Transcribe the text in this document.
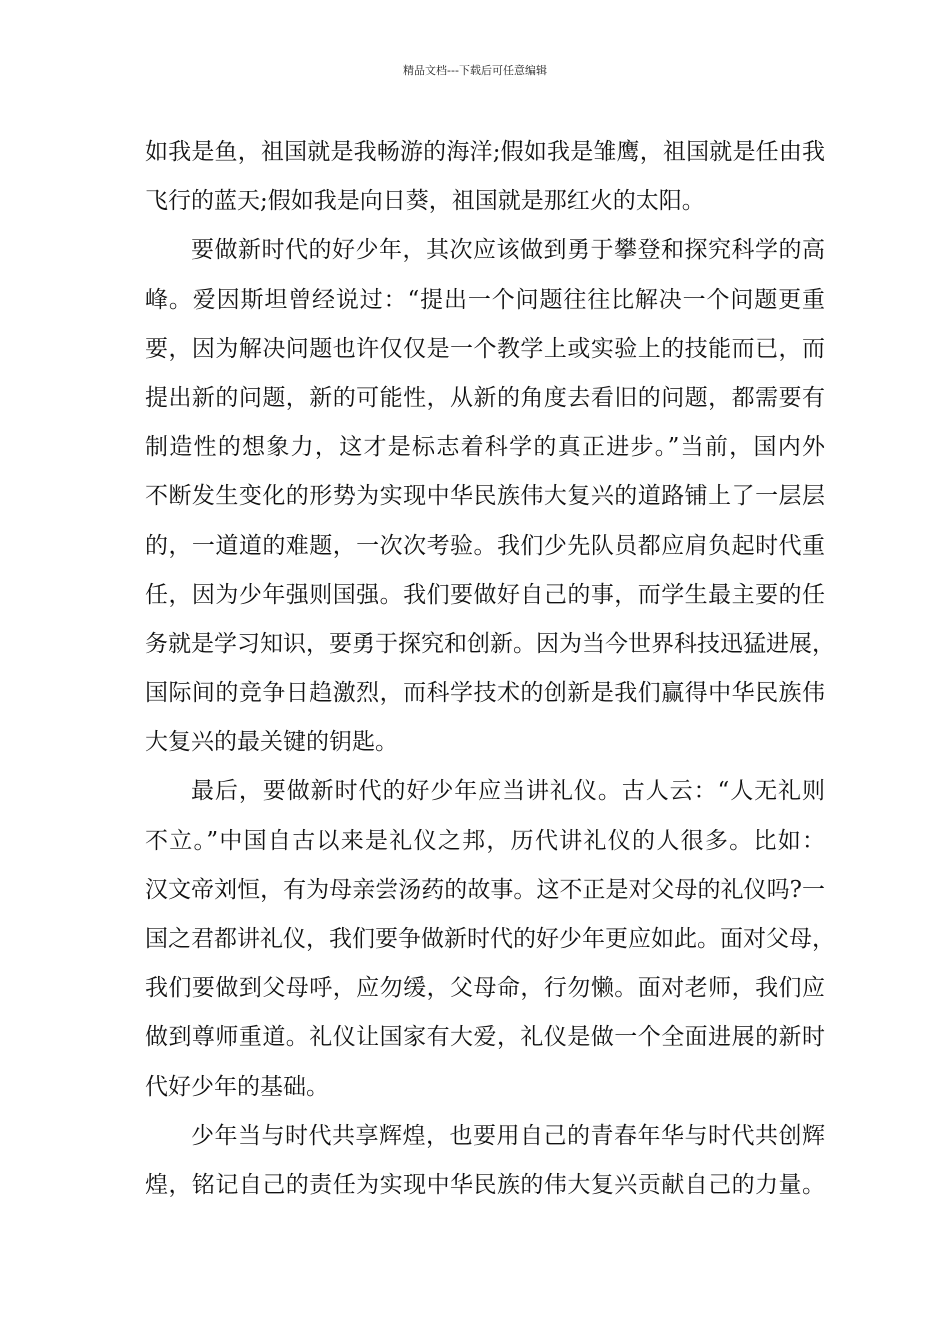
精品文档---下载后可任意编辑
如我是鱼，祖国就是我畅游的海洋;假如我是雏鹰，祖国就是任由我
飞行的蓝天;假如我是向日葵，祖国就是那红火的太阳。
要做新时代的好少年，其次应该做到勇于攀登和探究科学的高
峰。爱因斯坦曾经说过：“提出一个问题往往比解决一个问题更重
要，因为解决问题也许仅仅是一个教学上或实验上的技能而已，而
提出新的问题，新的可能性，从新的角度去看旧的问题，都需要有
制造性的想象力，这才是标志着科学的真正进步。”当前，国内外
不断发生变化的形势为实现中华民族伟大复兴的道路铺上了一层层
的，一道道的难题，一次次考验。我们少先队员都应肩负起时代重
任，因为少年强则国强。我们要做好自己的事，而学生最主要的任
务就是学习知识，要勇于探究和创新。因为当今世界科技迅猛进展，
国际间的竞争日趋激烈，而科学技术的创新是我们赢得中华民族伟
大复兴的最关键的钥匙。
最后，要做新时代的好少年应当讲礼仪。古人云：“人无礼则
不立。”中国自古以来是礼仪之邦，历代讲礼仪的人很多。比如：
汉文帝刘恒，有为母亲尝汤药的故事。这不正是对父母的礼仪吗?一
国之君都讲礼仪，我们要争做新时代的好少年更应如此。面对父母，
我们要做到父母呼，应勿缓，父母命，行勿懒。面对老师，我们应
做到尊师重道。礼仪让国家有大爱，礼仪是做一个全面进展的新时
代好少年的基础。
少年当与时代共享辉煌，也要用自己的青春年华与时代共创辉
煌，铭记自己的责任为实现中华民族的伟大复兴贡献自己的力量。
